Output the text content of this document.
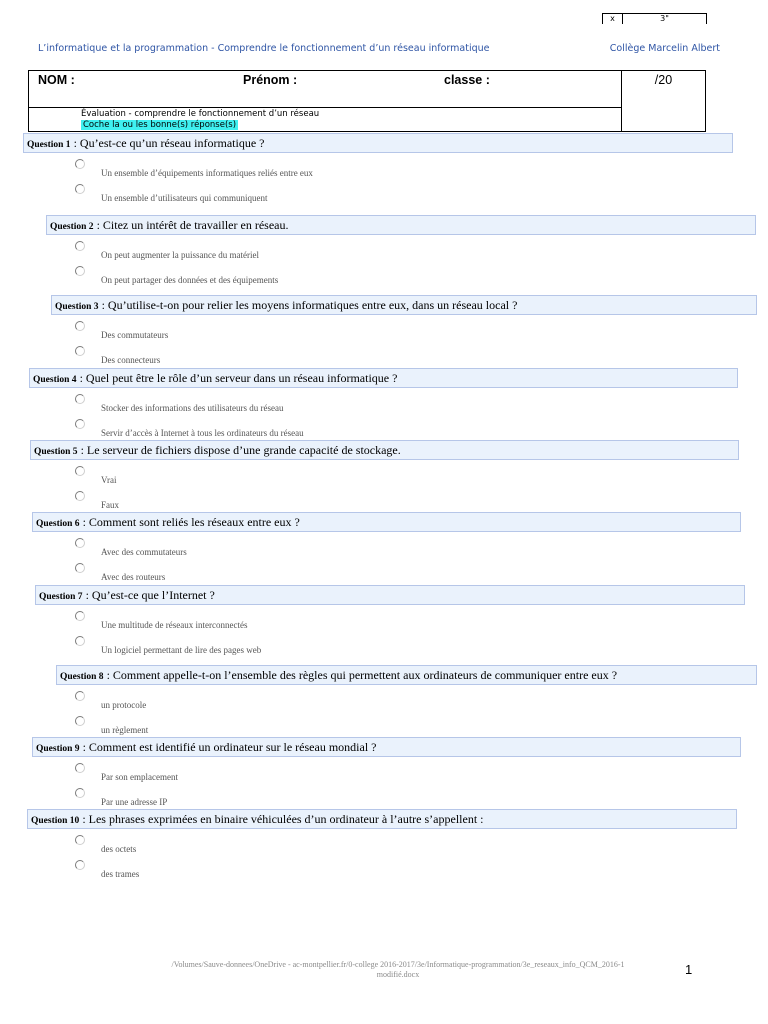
L’informatique et la programmation - Comprendre le fonctionnement d’un réseau informatique	Collège Marcelin Albert
NOM :	Prénom :	classe :	/20

Évaluation - comprendre le fonctionnement d’un réseau
Coche la ou les bonne(s) réponse(s)
x	3"
Question 1 : Qu’est-ce qu’un réseau informatique ?
Un ensemble d’équipements informatiques reliés entre eux
Un ensemble d’utilisateurs qui communiquent
Question 2 : Citez un intérêt de travailler en réseau.
On peut augmenter la puissance du matériel
On peut partager des données et des équipements
Question 3 : Qu’utilise-t-on pour relier les moyens informatiques entre eux, dans un réseau local ?
Des commutateurs
Des connecteurs
Question 4 : Quel peut être le rôle d’un serveur dans un réseau informatique ?
Stocker des informations des utilisateurs du réseau
Servir d’accès à Internet à tous les ordinateurs du réseau
Question 5 : Le serveur de fichiers dispose d’une grande capacité de stockage.
Vrai
Faux
Question 6 : Comment sont reliés les réseaux entre eux ?
Avec des commutateurs
Avec des routeurs
Question 7 : Qu’est-ce que l’Internet ?
Une multitude de réseaux interconnectés
Un logiciel permettant de lire des pages web
Question 8 : Comment appelle-t-on l’ensemble des règles qui permettent aux ordinateurs de communiquer entre eux ?
un protocole
un règlement
Question 9 : Comment est identifié un ordinateur sur le réseau mondial ?
Par son emplacement
Par une adresse IP
Question 10 : Les phrases exprimées en binaire véhiculées d’un ordinateur à l’autre s’appellent :
des octets
des trames
/Volumes/Sauve-donnees/OneDrive - ac-montpellier.fr/0-college 2016-2017/3e/Informatique-programmation/3e_reseaux_info_QCM_2016-1
modifié.docx	1
